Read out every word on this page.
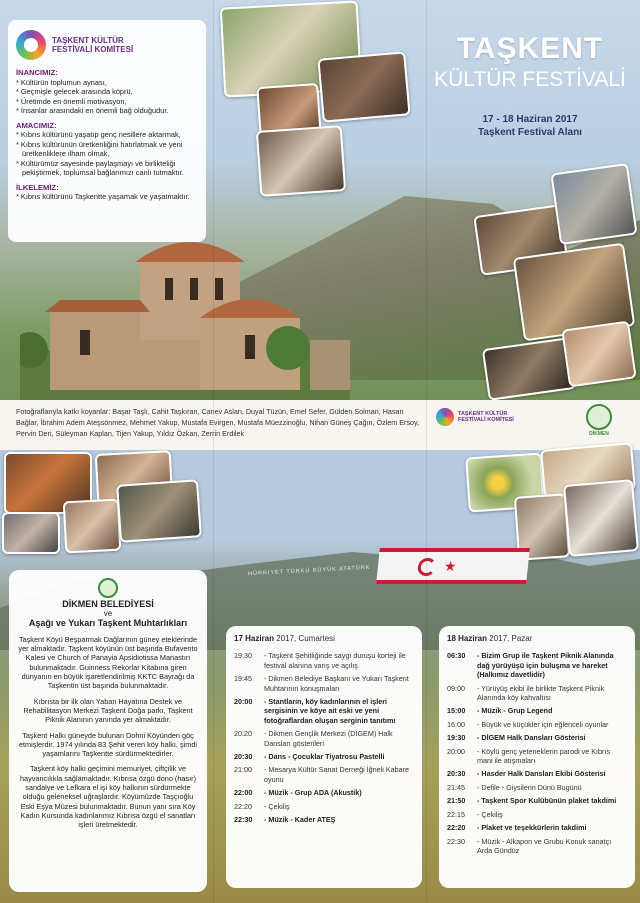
TAŞKENT KÜLTÜR
FESTİVALİ KOMİTESİ
İNANCIMIZ:
* Kültürün toplumun aynası,
* Geçmişle gelecek arasında köprü,
* Üretimde en önemli motivasyon,
* İnsanlar arasındaki en önemli bağ olduğudur.
AMACIMIZ:
* Kıbrıs kültürünü yaşatıp genç nesillere aktarmak,
* Kıbrıs kültürünün üretkenliğini hatırlatmak ve yeni üretkenliklere ilham olmak,
* Kültürümüz sayesinde paylaşmayı ve birlikteliği pekiştirmek, toplumsal bağlarımızı canlı tutmaktır.
İLKELEMİZ:
* Kıbrıs kültürünü Taşkentte yaşamak ve yaşatmaktır.
TAŞKENT
KÜLTÜR FESTİVALİ
17 - 18 Haziran 2017
Taşkent Festival Alanı
Fotoğraflarıyla katkı koyanlar: Başar Taşlı, Cahit Taşkıran, Canev Aslan, Duyal Tüzün, Emel Sefer, Gülden Solman, Hasan Bağlar, İbrahim Adem Ateşsönmez, Mehmet Yakup, Mustafa Evirgen, Mustafa Müezzinoğlu, Nihan Güneş Çağın, Özlem Ersoy, Pervin Deri, Süleyman Kaplan, Tijen Yakup, Yıldız Özkan, Zerrin Erdilek
TAŞKENT KÜLTÜR
FESTİVALİ KOMİTESİ
DİKMEN
★
HÜRRIYET TÜRKÜ BÜYÜK ATATÜRK
DİKMEN BELEDİYESİ
ve
Aşağı ve Yukarı Taşkent Muhtarlıkları

Taşkent Köyü Beşparmak Dağlarının güney eteklerinde yer almaktadır. Taşkent köyünün üst başında Bufavento Kalesi ve Church of Panayia Apsidiotissa Manastırı bulunmaktadır. Guinness Rekorlar Kitabına giren dünyanın en büyük işaretlendirilmiş KKTC Bayrağı da Taşkentin üst başında bulunmaktadır.

Kıbrısta bir ilk olan Yaban Hayatına Destek ve Rehabilitasyon Merkezi Taşkent Doğa parkı, Taşkent Piknik Alanının yanında yer almaktadır.

Taşkent Halkı güneyde bulunan Dohni Köyünden göç etmişlerdir. 1974 yılında 83 Şehit veren köy halkı, şimdi yaşamlarını Taşkentte sürdürmektedirler.

Taşkent köy halkı geçimini memuriyet, çiftçilik ve hayvancılıkla sağlamaktadır. Kıbrısa özgü dono (hasır) sandalye ve Lefkara el işi köy halkının sürdürmekte olduğu geleneksel uğraşlardır. Köyümüzde Taşçıoğlu Eski Eşya Müzesi bulunmaktadır. Bunun yanı sıra Köy Kadın Kursunda kadınlarımız Kıbrısa özgü el sanatları işleri üretmektedir.

17 Haziran 2017, Cumartesi
19:30	- Taşkent Şehitliğinde saygı duruşu korteji ile festival alanına varış ve açılış
19:45	- Dikmen Belediye Başkanı ve Yukarı Taşkent Muhtarının konuşmaları
20:00	- Stantların, köy kadınlarının el işleri sergisinin ve köye ait eski ve yeni fotoğraflardan oluşan serginin tanıtımı
20:20	- Dikmen Gençlik Merkezi (DİGEM) Halk Dansları gösterileri
20:30	- Dans - Çocuklar Tiyatrosu Pastelli
21:00	- Mesarya Kültür Sanat Derneği İğneli Kabare oyunu
22:00	- Müzik - Grup ADA (Akustik)
22:20	- Çekiliş
22:30	- Müzik - Kader ATEŞ
18 Haziran 2017, Pazar
06:30	- Bizim Grup ile Taşkent Piknik Alanında dağ yürüyüşü için buluşma ve hareket (Halkımız davetlidir)
09:00	- Yürüyüş ekibi ile birlikte Taşkent Piknik Alanında köy kahvaltısı
15:00	- Müzik - Grup Legend
16:00	- Büyük ve küçükler için eğlenceli oyunlar
19:30	- DİGEM Halk Dansları Gösterisi
20:00	- Köylü genç yeteneklerin parodi ve Kıbrıs mani ile atışmaları
20:30	- Hasder Halk Dansları Ekibi Gösterisi
21:45	- Defile - Giysilerin Dünü Bugünü
21:50	- Taşkent Spor Kulübünün plaket takdimi
22:15	- Çekiliş
22:20	- Plaket ve teşekkürlerin takdimi
22:30	- Müzik - Alkapon ve Grubu Konuk sanatçı Arda Gündüz
